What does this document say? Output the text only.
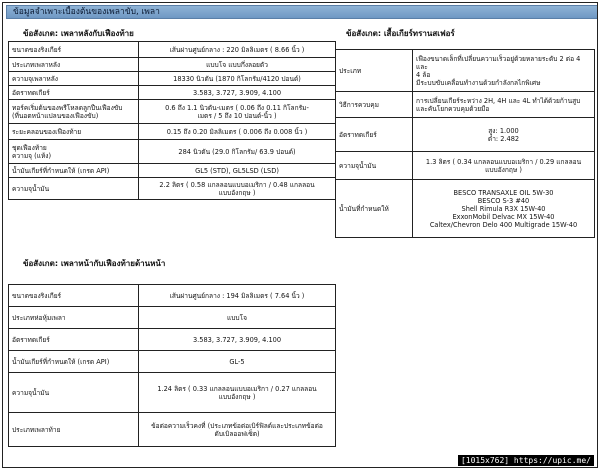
ข้อมูลจำเพาะเบื้องต้นของเพลาขับ, เพลา
ข้อสังเกต: เพลาหลังกับเฟืองท้าย
ขนาดของริงเกียร์	เส้นผ่านศูนย์กลาง : 220 มิลลิเมตร ( 8.66 นิ้ว )
ประเภทเพลาหลัง	แบบโจ แบบกึ่งลอยตัว
ความจุเพลาหลัง	18330 นิวตัน (1870 กิโลกรัม/4120 ปอนด์)
อัตราทดเกียร์	3.583, 3.727, 3.909, 4.100
ทอร์คเริ่มต้นของพรีโหลดลูกปืนเฟืองขับ
(ที่นอตหน้าแปลนของเฟืองขับ)	0.6 ถึง 1.1 นิวตัน-เมตร ( 0.06 ถึง 0.11 กิโลกรัม-
เมตร / 5 ถึง 10 ปอนด์-นิ้ว )
ระยะคลอนของเฟืองท้าย	0.15 ถึง 0.20 มิลลิเมตร ( 0.006 ถึง 0.008 นิ้ว )
ชุดเฟืองท้าย
ความจุ (แห้ง)	284 นิวตัน (29.0 กิโลกรัม/ 63.9 ปอนด์)
น้ำมันเกียร์ที่กำหนดให้ (เกรด API)	GL5 (STD), GL5LSD (LSD)
ความจุน้ำมัน	2.2 ลิตร ( 0.58 แกลลอนแบบอเมริกา / 0.48 แกลลอน
แบบอังกฤษ )
ข้อสังเกต: เสื้อเกียร์ทรานสเฟอร์
ประเภท	เฟืองขนาดเล็กที่เปลี่ยนความเร็วอยู่ด้วยหลายระดับ 2 ต่อ 4 และ
4 ล้อ
มีระบบขับเคลื่อนทำงานด้วยกำลังกลไกพิเศษ
วิธีการควบคุม	การเปลี่ยนเกียร์ระหว่าง 2H, 4H และ 4L ทำได้ด้วยก้านสูบ
และคันโยกควบคุมด้วยมือ
อัตราทดเกียร์	สูง: 1.000
ต่ำ: 2.482
ความจุน้ำมัน	1.3 ลิตร ( 0.34 แกลลอนแบบอเมริกา / 0.29 แกลลอน
แบบอังกฤษ )
น้ำมันที่กำหนดให้	BESCO TRANSAXLE OIL 5W-30
BESCO S-3 #40
Shell Rimula R3X 15W-40
ExxonMobil Delvac MX 15W-40
Caltex/Chevron Delo 400 Multigrade 15W-40
ข้อสังเกต: เพลาหน้ากับเฟืองท้ายด้านหน้า
ขนาดของริงเกียร์	เส้นผ่านศูนย์กลาง : 194 มิลลิเมตร ( 7.64 นิ้ว )
ประเภทห่อหุ้มเพลา	แบบโจ
อัตราทดเกียร์	3.583, 3.727, 3.909, 4.100
น้ำมันเกียร์ที่กำหนดให้ (เกรด API)	GL-5
ความจุน้ำมัน	1.24 ลิตร ( 0.33 แกลลอนแบบอเมริกา / 0.27 แกลลอน
แบบอังกฤษ )
ประเภทเพลาท้าย	ข้อต่อความเร็วคงที่ (ประเภทข้อต่อเบิร์ฟิลด์และประเภทข้อต่อ
ดับเบิลออฟเซ็ต)
[1015x762] https://upic.me/
